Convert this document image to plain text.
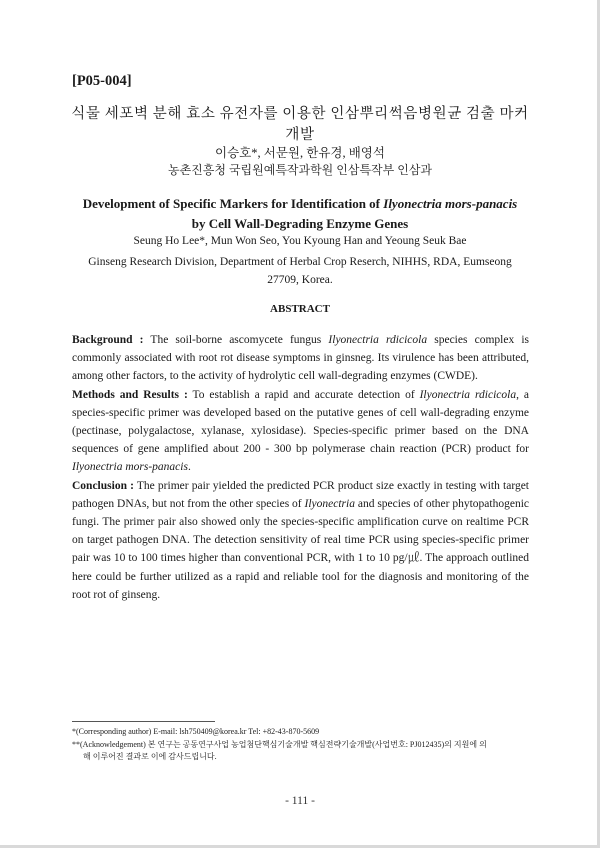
[P05-004]
식물 세포벽 분해 효소 유전자를 이용한 인삼뿌리썩음병원균 검출 마커
개발
이승호*, 서문원, 한유경, 배영석
농촌진흥청 국립원예특작과학원 인삼특작부 인삼과
Development of Specific Markers for Identification of Ilyonectria mors-panacis
by Cell Wall-Degrading Enzyme Genes
Seung Ho Lee*, Mun Won Seo, You Kyoung Han and Yeoung Seuk Bae
Ginseng Research Division, Department of Herbal Crop Reserch, NIHHS, RDA, Eumseong
27709, Korea.
ABSTRACT

Background : The soil-borne ascomycete fungus Ilyonectria rdicicola species complex is commonly associated with root rot disease symptoms in ginsneg. Its virulence has been attributed, among other factors, to the activity of hydrolytic cell wall-degrading enzymes (CWDE).

Methods and Results : To establish a rapid and accurate detection of Ilyonectria rdicicola, a species-specific primer was developed based on the putative genes of cell wall‑degrading enzyme (pectinase, polygalactose, xylanase, xylosidase). Species-specific primer based on the DNA sequences of gene amplified about 200 - 300 bp polymerase chain reaction (PCR) product for Ilyonectria mors-panacis.

Conclusion : The primer pair yielded the predicted PCR product size exactly in testing with target pathogen DNAs, but not from the other species of Ilyonectria and species of other phytopathogenic fungi. The primer pair also showed only the species-specific amplification curve on realtime PCR on target pathogen DNA. The detection sensitivity of real time PCR using species-specific primer pair was 10 to 100 times higher than conventional PCR, with 1 to 10 pg/㎕. The approach outlined here could be further utilized as a rapid and reliable tool for the diagnosis and monitoring of the root rot of ginseng.

*(Corresponding author) E-mail: lsh750409@korea.kr Tel: +82-43-870-5609
**(Acknowledgement) 본 연구는 공동연구사업 농업첨단핵심기술개발 핵심전략기술개발(사업번호: PJ012435)의 지원에 의
해 이루어진 결과로 이에 감사드립니다.
- 111 -
